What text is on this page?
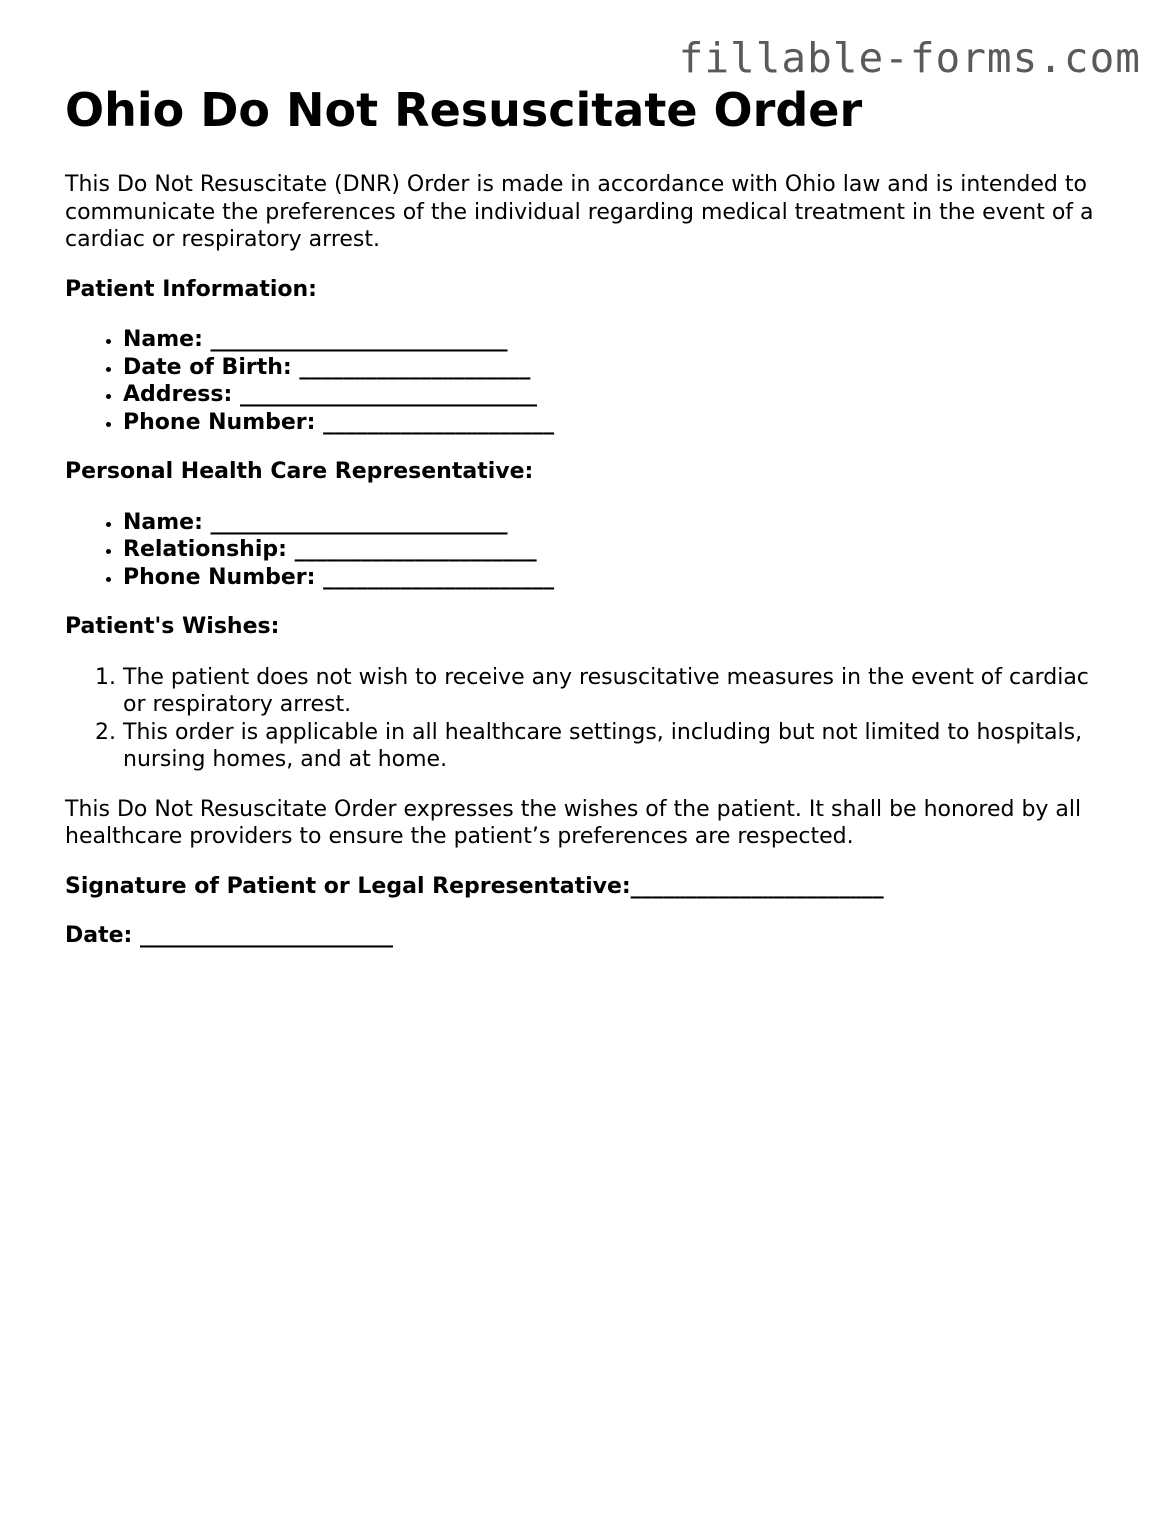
fillable-forms.com
Ohio Do Not Resuscitate Order

This Do Not Resuscitate (DNR) Order is made in accordance with Ohio law and is intended to communicate the preferences of the individual regarding medical treatment in the event of a cardiac or respiratory arrest.

Patient Information:

• Name: ___________________________
• Date of Birth: _____________________
• Address: ___________________________
• Phone Number: _____________________

Personal Health Care Representative:

• Name: ___________________________
• Relationship: ______________________
• Phone Number: _____________________

Patient's Wishes:

1. The patient does not wish to receive any resuscitative measures in the event of cardiac or respiratory arrest.
2. This order is applicable in all healthcare settings, including but not limited to hospitals, nursing homes, and at home.

This Do Not Resuscitate Order expresses the wishes of the patient. It shall be honored by all healthcare providers to ensure the patient’s preferences are respected.

Signature of Patient or Legal Representative:_______________________

Date: _______________________
